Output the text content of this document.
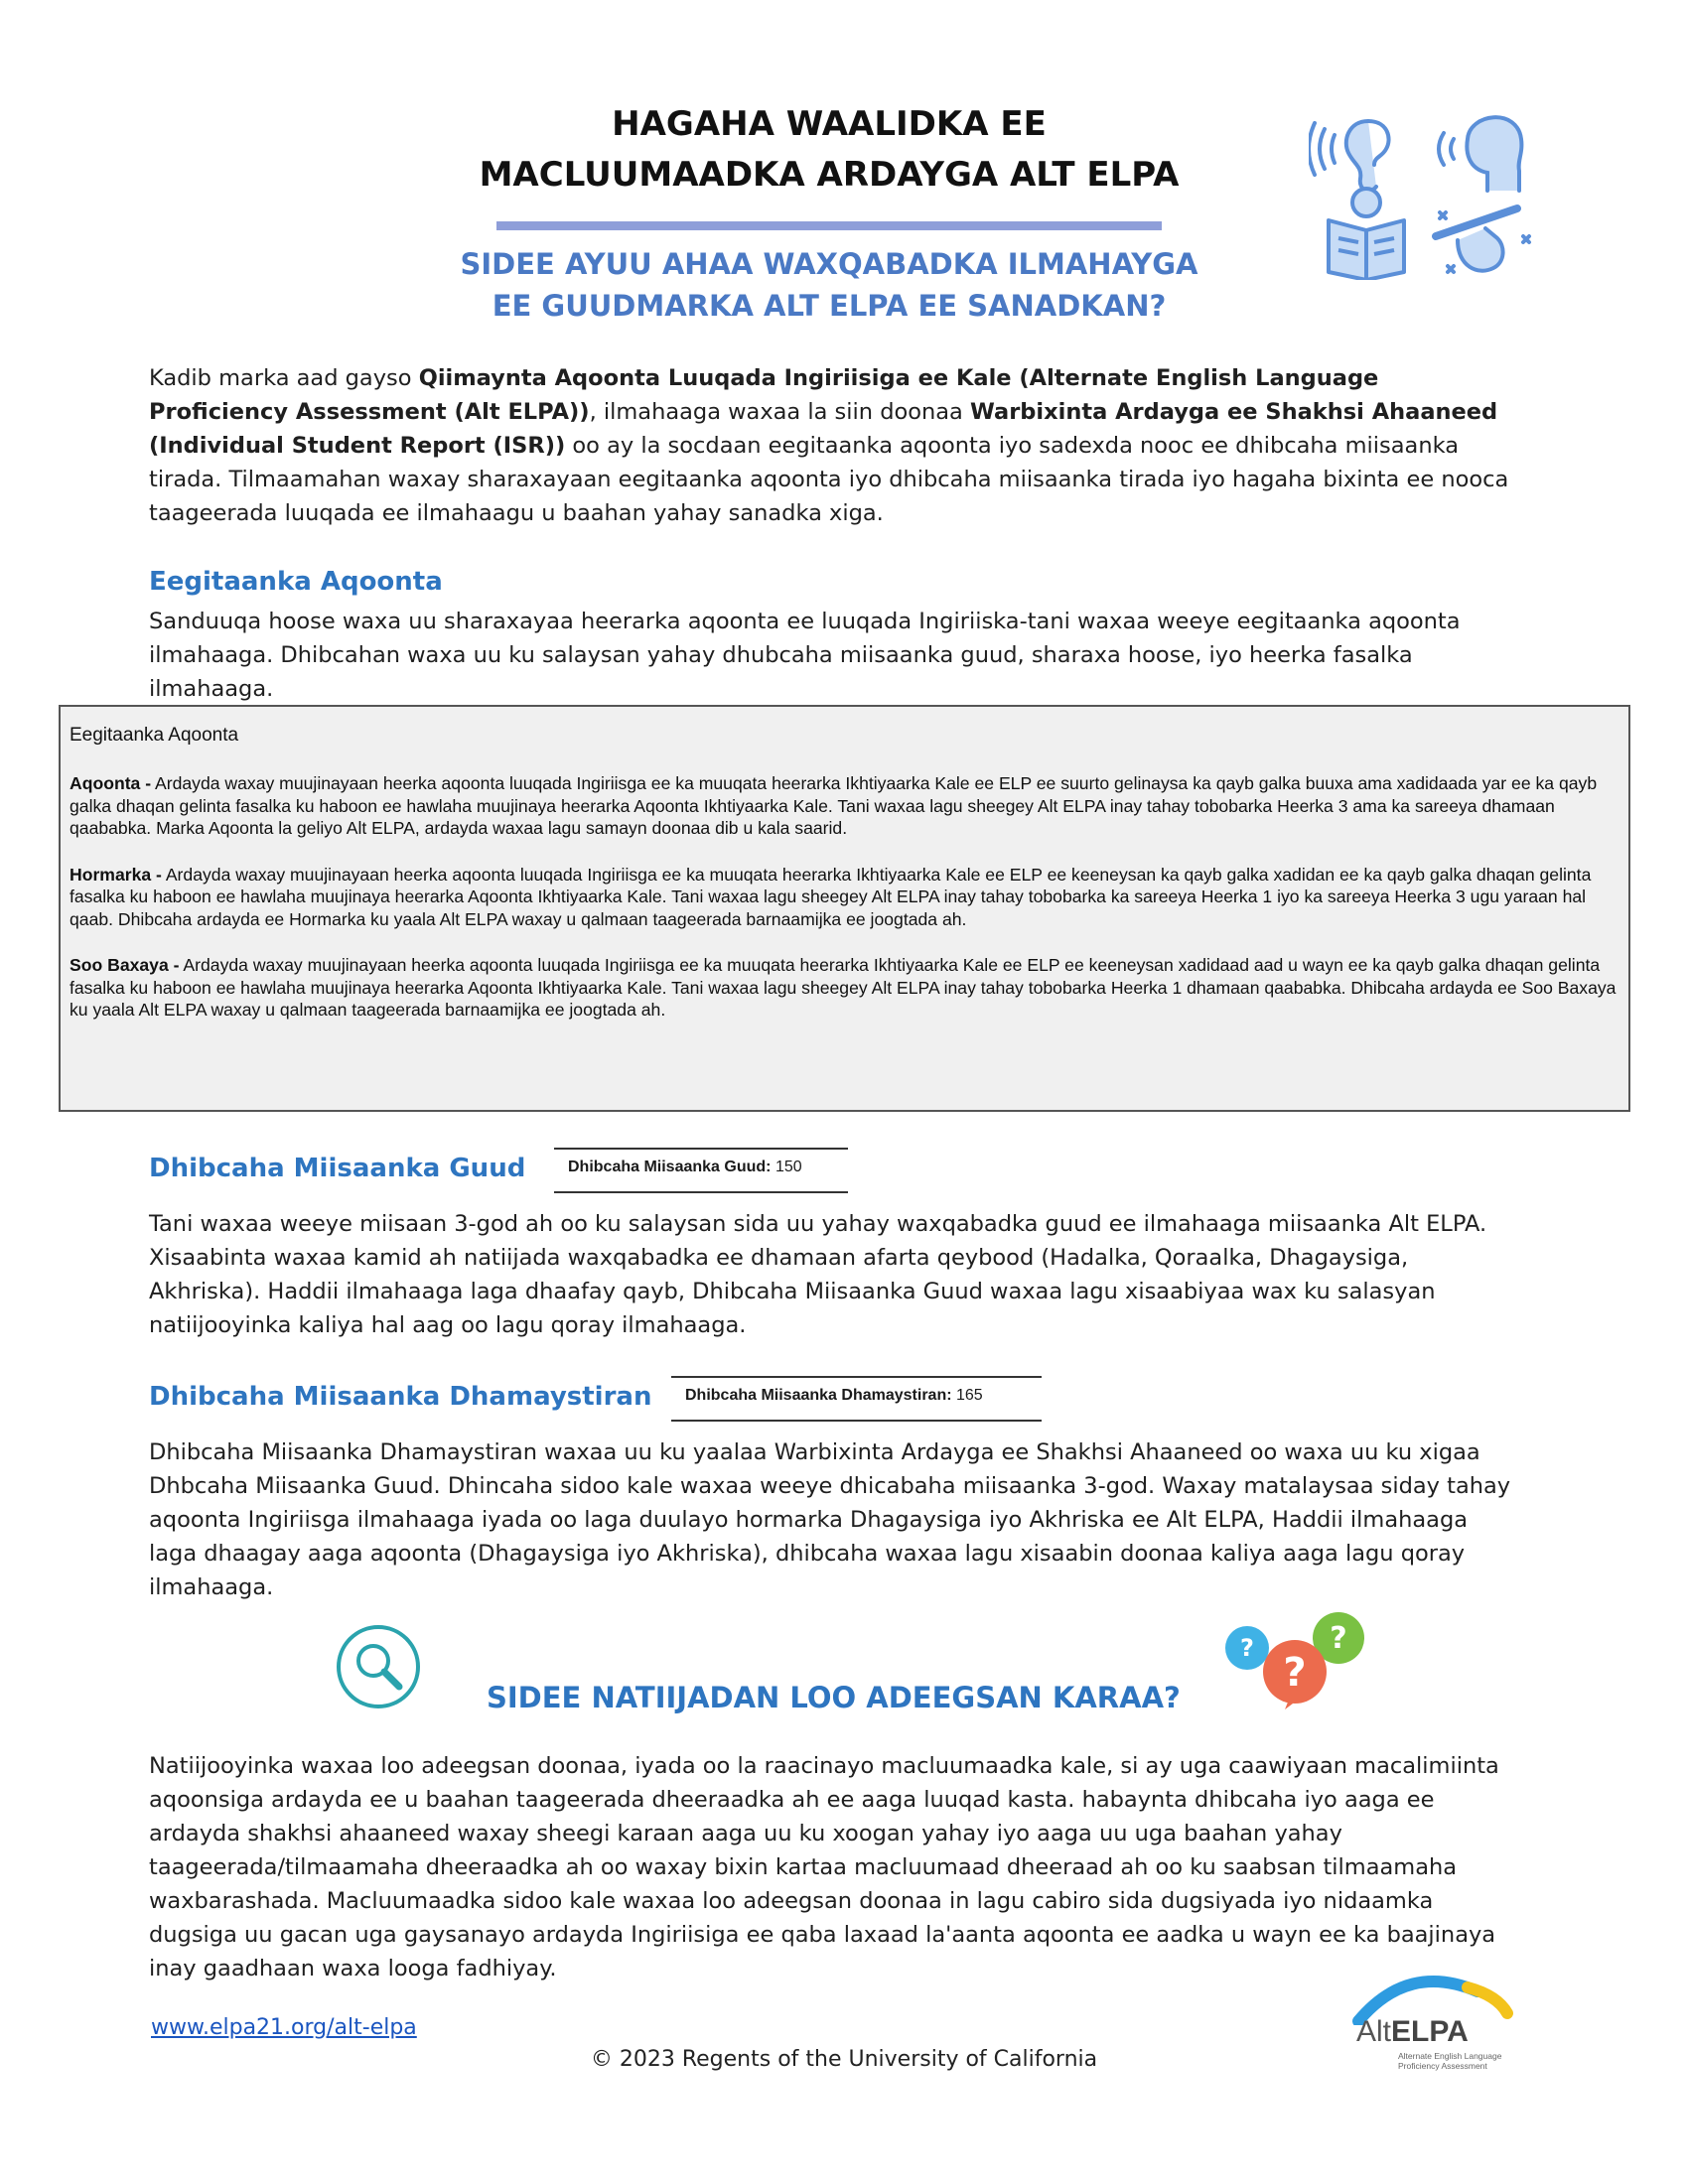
HAGAHA WAALIDKA EE
MACLUUMAADKA ARDAYGA ALT ELPA
SIDEE AYUU AHAA WAXQABADKA ILMAHAYGA
EE GUUDMARKA ALT ELPA EE SANADKAN?
Kadib marka aad gayso Qiimaynta Aqoonta Luuqada Ingiriisiga ee Kale (Alternate English Language Proficiency Assessment (Alt ELPA)), ilmahaaga waxaa la siin doonaa Warbixinta Ardayga ee Shakhsi Ahaaneed (Individual Student Report (ISR)) oo ay la socdaan eegitaanka aqoonta iyo sadexda nooc ee dhibcaha miisaanka tirada. Tilmaamahan waxay sharaxayaan eegitaanka aqoonta iyo dhibcaha miisaanka tirada iyo hagaha bixinta ee nooca taageerada luuqada ee ilmahaagu u baahan yahay sanadka xiga.
Eegitaanka Aqoonta
Sanduuqa hoose waxa uu sharaxayaa heerarka aqoonta ee luuqada Ingiriiska-tani waxaa weeye eegitaanka aqoonta ilmahaaga. Dhibcahan waxa uu ku salaysan yahay dhubcaha miisaanka guud, sharaxa hoose, iyo heerka fasalka ilmahaaga.
Eegitaanka Aqoonta

Aqoonta - Ardayda waxay muujinayaan heerka aqoonta luuqada Ingiriisga ee ka muuqata heerarka Ikhtiyaarka Kale ee ELP ee suurto gelinaysa ka qayb galka buuxa ama xadidaada yar ee ka qayb galka dhaqan gelinta fasalka ku haboon ee hawlaha muujinaya heerarka Aqoonta Ikhtiyaarka Kale. Tani waxaa lagu sheegey Alt ELPA inay tahay tobobarka Heerka 3 ama ka sareeya dhamaan qaababka. Marka Aqoonta la geliyo Alt ELPA, ardayda waxaa lagu samayn doonaa dib u kala saarid.

Hormarka - Ardayda waxay muujinayaan heerka aqoonta luuqada Ingiriisga ee ka muuqata heerarka Ikhtiyaarka Kale ee ELP ee keeneysan ka qayb galka xadidan ee ka qayb galka dhaqan gelinta fasalka ku haboon ee hawlaha muujinaya heerarka Aqoonta Ikhtiyaarka Kale. Tani waxaa lagu sheegey Alt ELPA inay tahay tobobarka ka sareeya Heerka 1 iyo ka sareeya Heerka 3 ugu yaraan hal qaab. Dhibcaha ardayda ee Hormarka ku yaala Alt ELPA waxay u qalmaan taageerada barnaamijka ee joogtada ah.

Soo Baxaya - Ardayda waxay muujinayaan heerka aqoonta luuqada Ingiriisga ee ka muuqata heerarka Ikhtiyaarka Kale ee ELP ee keeneysan xadidaad aad u wayn ee ka qayb galka dhaqan gelinta fasalka ku haboon ee hawlaha muujinaya heerarka Aqoonta Ikhtiyaarka Kale. Tani waxaa lagu sheegey Alt ELPA inay tahay tobobarka Heerka 1 dhamaan qaababka. Dhibcaha ardayda ee Soo Baxaya ku yaala Alt ELPA waxay u qalmaan taageerada barnaamijka ee joogtada ah.

Dhibcaha Miisaanka Guud	Dhibcaha Miisaanka Guud: 150
Tani waxaa weeye miisaan 3-god ah oo ku salaysan sida uu yahay waxqabadka guud ee ilmahaaga miisaanka Alt ELPA. Xisaabinta waxaa kamid ah natiijada waxqabadka ee dhamaan afarta qeybood (Hadalka, Qoraalka, Dhagaysiga, Akhriska). Haddii ilmahaaga laga dhaafay qayb, Dhibcaha Miisaanka Guud waxaa lagu xisaabiyaa wax ku salasyan natiijooyinka kaliya hal aag oo lagu qoray ilmahaaga.
Dhibcaha Miisaanka Dhamaystiran	Dhibcaha Miisaanka Dhamaystiran: 165
Dhibcaha Miisaanka Dhamaystiran waxaa uu ku yaalaa Warbixinta Ardayga ee Shakhsi Ahaaneed oo waxa uu ku xigaa Dhbcaha Miisaanka Guud. Dhincaha sidoo kale waxaa weeye dhicabaha miisaanka 3-god. Waxay matalaysaa siday tahay aqoonta Ingiriisga ilmahaaga iyada oo laga duulayo hormarka Dhagaysiga iyo Akhriska ee Alt ELPA, Haddii ilmahaaga laga dhaagay aaga aqoonta (Dhagaysiga iyo Akhriska), dhibcaha waxaa lagu xisaabin doonaa kaliya aaga lagu qoray ilmahaaga.
SIDEE NATIIJADAN LOO ADEEGSAN KARAA?
?	?
?
Natiijooyinka waxaa loo adeegsan doonaa, iyada oo la raacinayo macluumaadka kale, si ay uga caawiyaan macalimiinta aqoonsiga ardayda ee u baahan taageerada dheeraadka ah ee aaga luuqad kasta. habaynta dhibcaha iyo aaga ee ardayda shakhsi ahaaneed waxay sheegi karaan aaga uu ku xoogan yahay iyo aaga uu uga baahan yahay taageerada/tilmaamaha dheeraadka ah oo waxay bixin kartaa macluumaad dheeraad ah oo ku saabsan tilmaamaha waxbarashada. Macluumaadka sidoo kale waxaa loo adeegsan doonaa in lagu cabiro sida dugsiyada iyo nidaamka dugsiga uu gacan uga gaysanayo ardayda Ingiriisiga ee qaba laxaad la'aanta aqoonta ee aadka u wayn ee ka baajinaya inay gaadhaan waxa looga fadhiyay.
www.elpa21.org/alt-elpa
© 2023 Regents of the University of California
AltELPA
Alternate English Language
Proficiency Assessment
